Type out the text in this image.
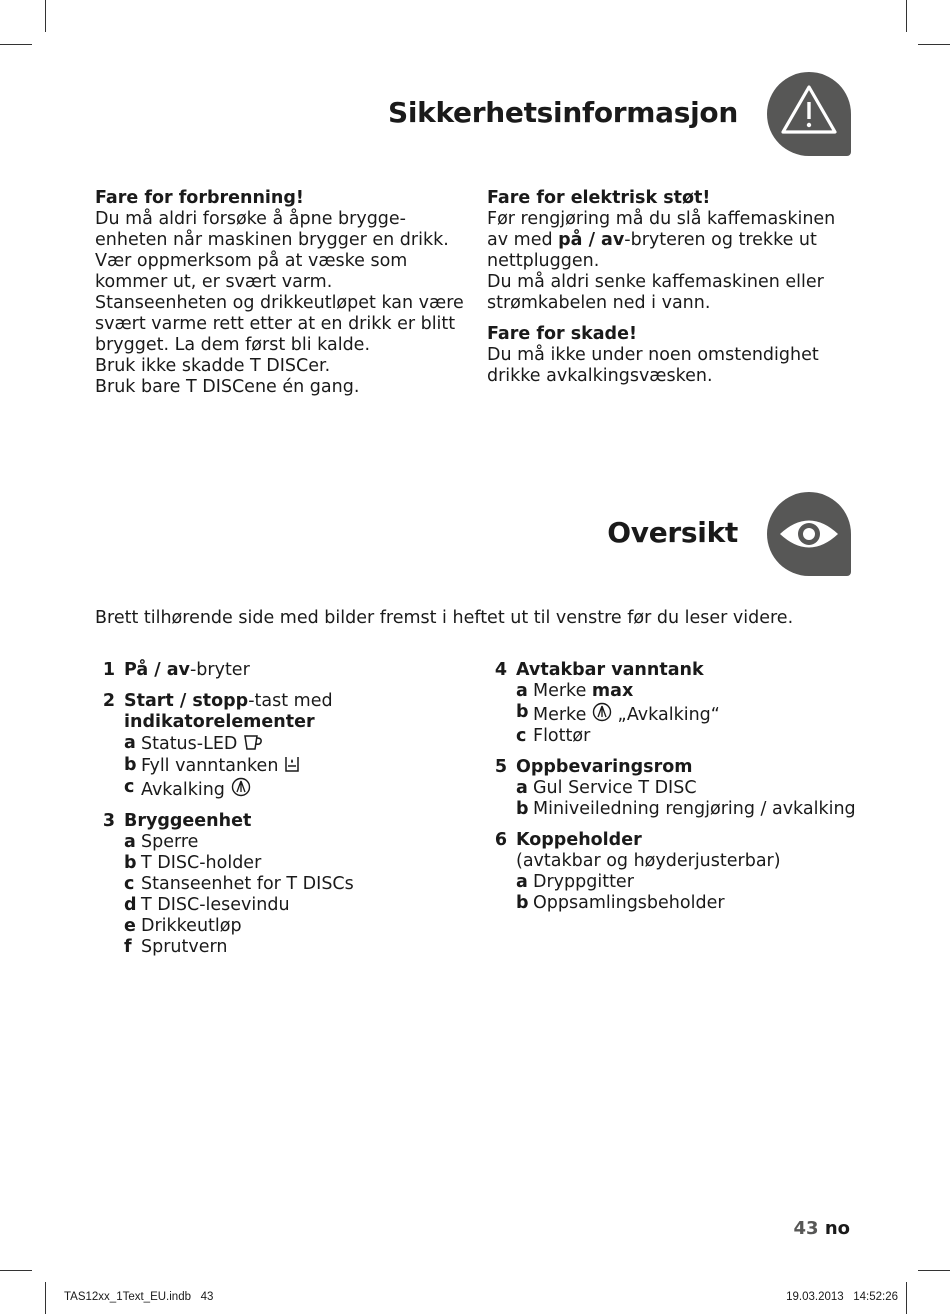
Sikkerhetsinformasjon

Fare for forbrenning!

Du må aldri forsøke å åpne brygge-

enheten når maskinen brygger en drikk.

Vær oppmerksom på at væske som

kommer ut, er svært varm.

Stanseenheten og drikkeutløpet kan være

svært varme rett etter at en drikk er blitt

brygget. La dem først bli kalde.

Bruk ikke skadde T DISCer.

Bruk bare T DISCene én gang.

Fare for elektrisk støt!

Før rengjøring må du slå kaffemaskinen

av med på / av-bryteren og trekke ut

nettpluggen.

Du må aldri senke kaffemaskinen eller

strømkabelen ned i vann.

Fare for skade!

Du må ikke under noen omstendighet

drikke avkalkingsvæsken.

Oversikt
Brett tilhørende side med bilder fremst i heftet ut til venstre før du leser videre.
1 På / av-bryter
2 Start / stopp-tast med
indikatorelementer
a Status-LED
b Fyll vanntanken
c Avkalking
3 Bryggeenhet
a Sperre
b T DISC-holder
c Stanseenhet for T DISCs
d T DISC-lesevindu
e Drikkeutløp
f Sprutvern
4 Avtakbar vanntank
a Merke max
b Merke  „Avkalking“
c Flottør
5 Oppbevaringsrom
a Gul Service T DISC
b Miniveiledning rengjøring / avkalking
6 Koppeholder
(avtakbar og høyderjusterbar)
a Dryppgitter
b Oppsamlingsbeholder
43 no
TAS12xx_1Text_EU.indb   43	19.03.2013   14:52:26
